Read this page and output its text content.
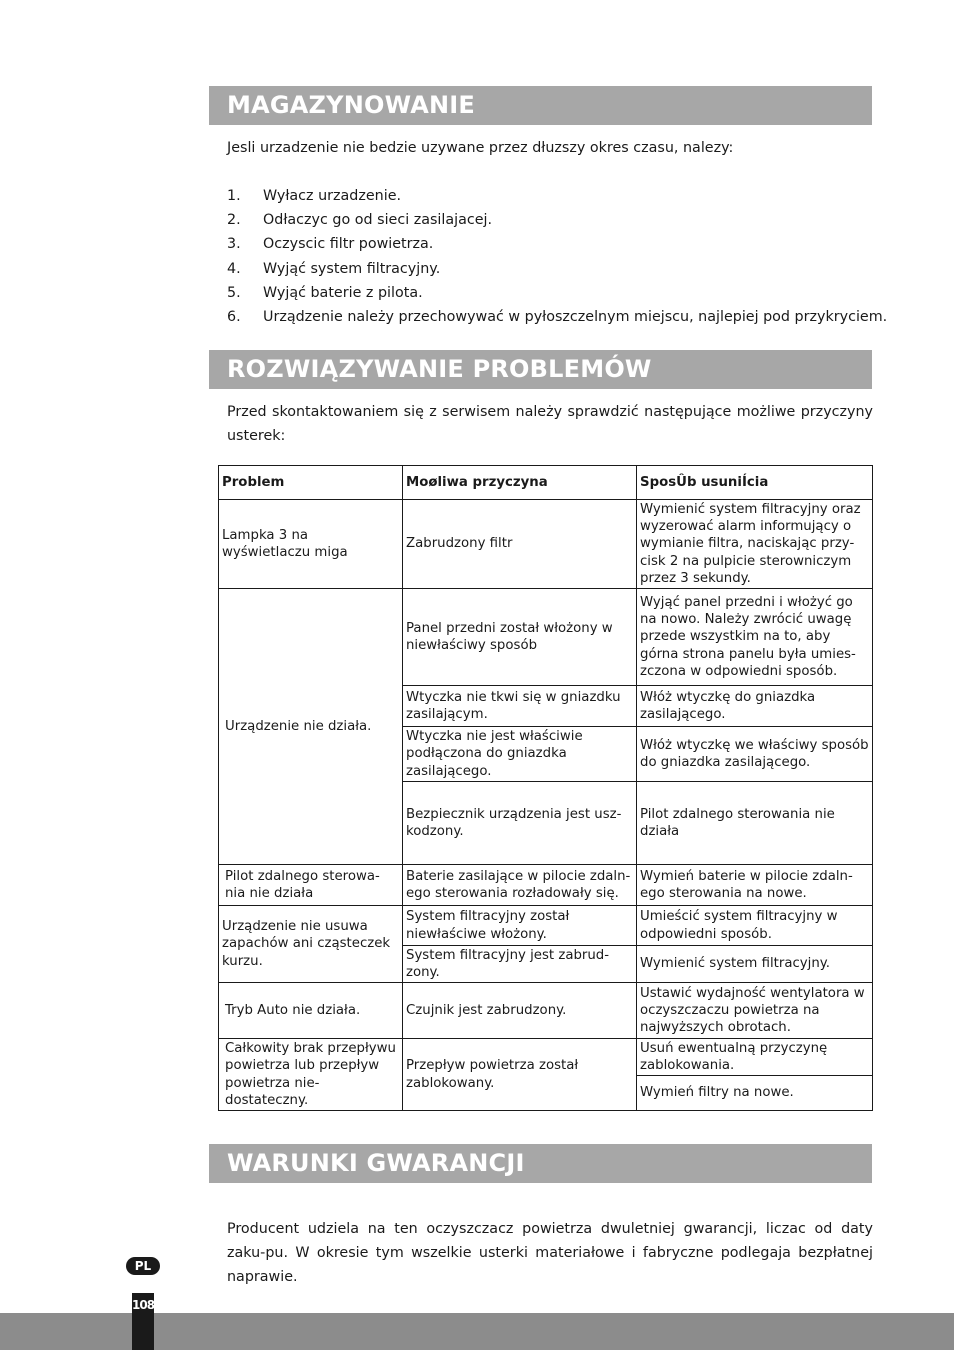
MAGAZYNOWANIE
Jesli urzadzenie nie bedzie uzywane przez dłuzszy okres czasu, nalezy:
1. Wyłacz urzadzenie.
2. Odłaczyc go od sieci zasilajacej.
3. Oczyscic filtr powietrza.
4. Wyjąć system filtracyjny.
5. Wyjąć baterie z pilota.
6. Urządzenie należy przechowywać w pyłoszczelnym miejscu, najlepiej pod przykryciem.
ROZWIĄZYWANIE PROBLEMÓW
Przed skontaktowaniem się z serwisem należy sprawdzić następujące możliwe przyczyny usterek:
Problem	Moøliwa przyczyna	SposÛb usuniÍcia
Lampka 3 na wyświetlaczu miga	Zabrudzony filtr	Wymienić system filtracyjny oraz wyzerować alarm informujący o wymianie filtra, naciskając przy-cisk 2 na pulpicie sterowniczym przez 3 sekundy.
Urządzenie nie działa.	Panel przedni został włożony w niewłaściwy sposób	Wyjąć panel przedni i włożyć go na nowo. Należy zwrócić uwagę przede wszystkim na to, aby górna strona panelu była umies-zczona w odpowiedni sposób.
	Wtyczka nie tkwi się w gniazdku zasilającym.	Włóż wtyczkę do gniazdka zasilającego.
	Wtyczka nie jest właściwie podłączona do gniazdka zasilającego.	Włóż wtyczkę we właściwy sposób do gniazdka zasilającego.
	Bezpiecznik urządzenia jest usz-kodzony.	Pilot zdalnego sterowania nie działa
Pilot zdalnego sterowa-nia nie działa	Baterie zasilające w pilocie zdaln-ego sterowania rozładowały się.	Wymień baterie w pilocie zdaln-ego sterowania na nowe.
Urządzenie nie usuwa zapachów ani cząsteczek kurzu.	System filtracyjny został niewłaściwe włożony.	Umieścić system filtracyjny w odpowiedni sposób.
	System filtracyjny jest zabrud-zony.	Wymienić system filtracyjny.
Tryb Auto nie działa.	Czujnik jest zabrudzony.	Ustawić wydajność wentylatora w oczyszczaczu powietrza na najwyższych obrotach.
Całkowity brak przepływu powietrza lub przepływ powietrza nie-dostateczny.	Przepływ powietrza został zablokowany.	Usuń ewentualną przyczynę zablokowania.
		Wymień filtry na nowe.
WARUNKI GWARANCJI
Producent udziela na ten oczyszczacz powietrza dwuletniej gwarancji, liczac od daty zaku-pu. W okresie tym wszelkie usterki materiałowe i fabryczne podlegaja bezpłatnej naprawie.
PL
108
